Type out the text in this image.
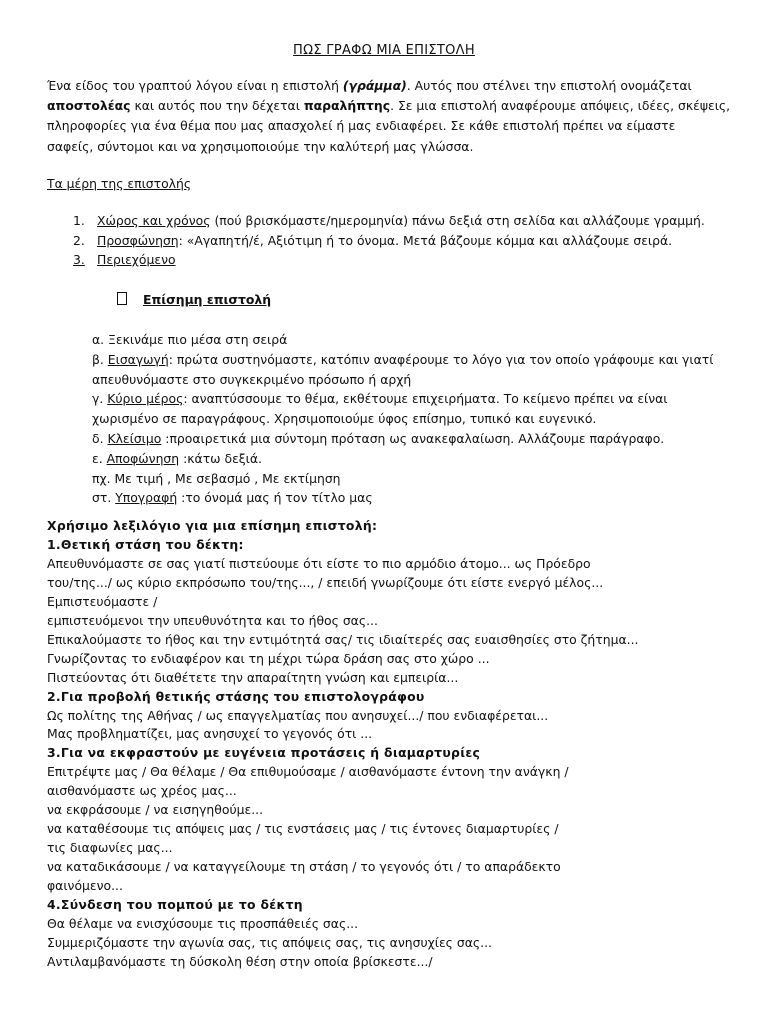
ΠΩΣ ΓΡΑΦΩ ΜΙΑ ΕΠΙΣΤΟΛΗ

Ένα είδος του γραπτού λόγου είναι η επιστολή (γράμμα). Αυτός που στέλνει την επιστολή ονομάζεται

αποστολέας και αυτός που την δέχεται παραλήπτης. Σε μια επιστολή αναφέρουμε απόψεις, ιδέες, σκέψεις,

πληροφορίες για ένα θέμα που μας απασχολεί ή μας ενδιαφέρει. Σε κάθε επιστολή πρέπει να είμαστε

σαφείς, σύντομοι και να χρησιμοποιούμε την καλύτερή μας γλώσσα.

Τα μέρη της επιστολής
1. Χώρος και χρόνος (πού βρισκόμαστε/ημερομηνία) πάνω δεξιά στη σελίδα και αλλάζουμε γραμμή.
2. Προσφώνηση: «Αγαπητή/έ, Αξιότιμη ή το όνομα. Μετά βάζουμε κόμμα και αλλάζουμε σειρά.
3. Περιεχόμενο
Επίσημη επιστολή

α. Ξεκινάμε πιο μέσα στη σειρά

β. Εισαγωγή: πρώτα συστηνόμαστε, κατόπιν αναφέρουμε το λόγο για τον οποίο γράφουμε και γιατί

απευθυνόμαστε στο συγκεκριμένο πρόσωπο ή αρχή

γ. Κύριο μέρος: αναπτύσσουμε το θέμα, εκθέτουμε επιχειρήματα. Το κείμενο πρέπει να είναι

χωρισμένο σε παραγράφους. Χρησιμοποιούμε ύφος επίσημο, τυπικό και ευγενικό.

δ. Κλείσιμο :προαιρετικά μια σύντομη πρόταση ως ανακεφαλαίωση. Αλλάζουμε παράγραφο.

ε. Αποφώνηση :κάτω δεξιά.

πχ. Με τιμή , Με σεβασμό , Με εκτίμηση

στ. Υπογραφή :το όνομά μας ή τον τίτλο μας

Χρήσιμο λεξιλόγιο για μια επίσημη επιστολή:

1.Θετική στάση του δέκτη:

Απευθυνόμαστε σε σας γιατί πιστεύουμε ότι είστε το πιο αρμόδιο άτομο... ως Πρόεδρο

του/της.../ ως κύριο εκπρόσωπο του/της..., / επειδή γνωρίζουμε ότι είστε ενεργό μέλος...

Εμπιστευόμαστε /

εμπιστευόμενοι την υπευθυνότητα και το ήθος σας...

Επικαλούμαστε το ήθος και την εντιμότητά σας/ τις ιδιαίτερές σας ευαισθησίες στο ζήτημα...

Γνωρίζοντας το ενδιαφέρον και τη μέχρι τώρα δράση σας στο χώρο ...

Πιστεύοντας ότι διαθέτετε την απαραίτητη γνώση και εμπειρία...

2.Για προβολή θετικής στάσης του επιστολογράφου

Ως πολίτης της Αθήνας / ως επαγγελματίας που ανησυχεί.../ που ενδιαφέρεται...

Μας προβληματίζει, μας ανησυχεί το γεγονός ότι ...

3.Για να εκφραστούν με ευγένεια προτάσεις ή διαμαρτυρίες

Επιτρέψτε μας / Θα θέλαμε / Θα επιθυμούσαμε / αισθανόμαστε έντονη την ανάγκη /

αισθανόμαστε ως χρέος μας...

να εκφράσουμε / να εισηγηθούμε...

να καταθέσουμε τις απόψεις μας / τις ενστάσεις μας / τις έντονες διαμαρτυρίες /

τις διαφωνίες μας...

να καταδικάσουμε / να καταγγείλουμε τη στάση / το γεγονός ότι / το απαράδεκτο

φαινόμενο...

4.Σύνδεση του πομπού με το δέκτη

Θα θέλαμε να ενισχύσουμε τις προσπάθειές σας...

Συμμεριζόμαστε την αγωνία σας, τις απόψεις σας, τις ανησυχίες σας...

Αντιλαμβανόμαστε τη δύσκολη θέση στην οποία βρίσκεστε.../
